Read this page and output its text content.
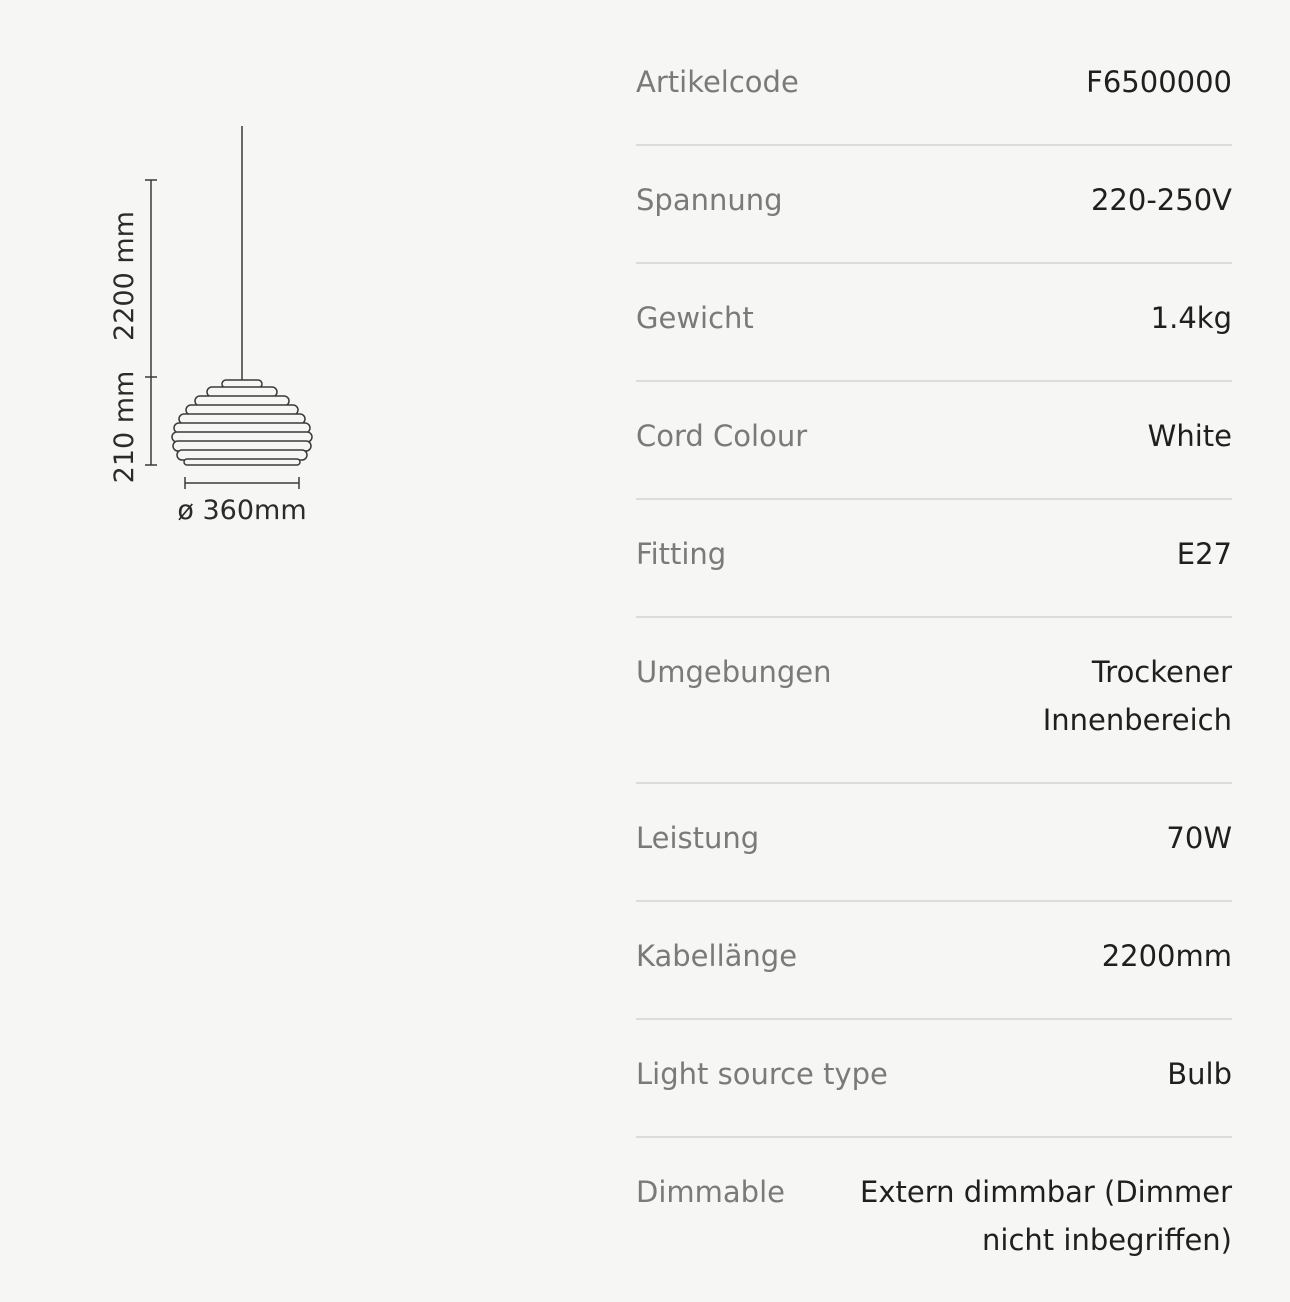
2200 mm
210 mm
ø 360mm
Artikelcode	F6500000
Spannung	220-250V
Gewicht	1.4kg
Cord Colour	White
Fitting	E27
Umgebungen	Trockener Innenbereich
Leistung	70W
Kabellänge	2200mm
Light source type	Bulb
Dimmable	Extern dimmbar (Dimmer nicht inbegriffen)
